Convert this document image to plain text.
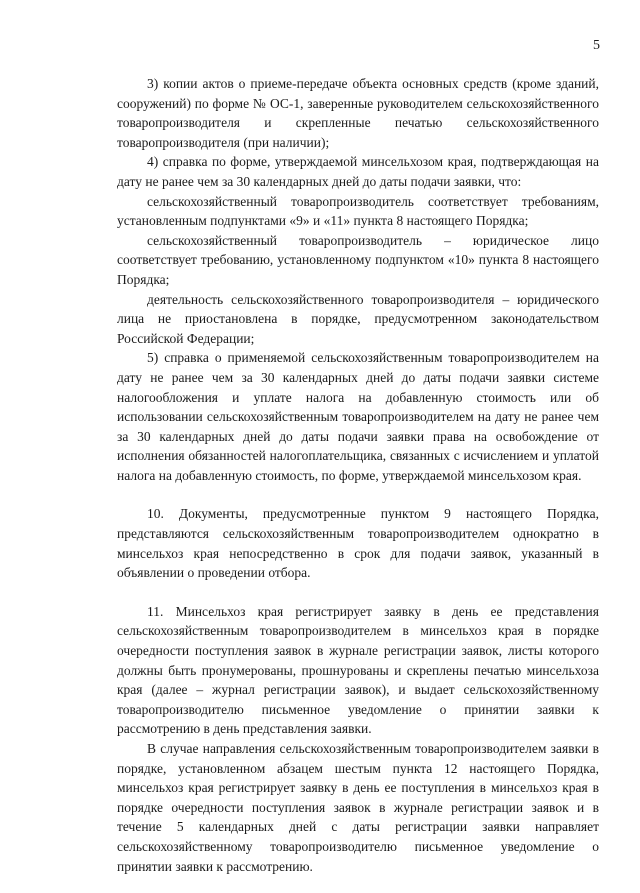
5

3) копии актов о приеме-передаче объекта основных средств (кроме зданий, сооружений) по форме № ОС-1, заверенные руководителем сельскохозяйственного товаропроизводителя и скрепленные печатью сельскохозяйственного товаропроизводителя (при наличии);

4) справка по форме, утверждаемой минсельхозом края, подтверждающая на дату не ранее чем за 30 календарных дней до даты подачи заявки, что:

сельскохозяйственный товаропроизводитель соответствует требованиям, установленным подпунктами «9» и «11» пункта 8 настоящего Порядка;

сельскохозяйственный товаропроизводитель – юридическое лицо соответствует требованию, установленному подпунктом «10» пункта 8 настоящего Порядка;

деятельность сельскохозяйственного товаропроизводителя – юридического лица не приостановлена в порядке, предусмотренном законодательством Российской Федерации;

5) справка о применяемой сельскохозяйственным товаропроизводителем на дату не ранее чем за 30 календарных дней до даты подачи заявки системе налогообложения и уплате налога на добавленную стоимость или об использовании сельскохозяйственным товаропроизводителем на дату не ранее чем за 30 календарных дней до даты подачи заявки права на освобождение от исполнения обязанностей налогоплательщика, связанных с исчислением и уплатой налога на добавленную стоимость, по форме, утверждаемой минсельхозом края.

10. Документы, предусмотренные пунктом 9 настоящего Порядка, представляются сельскохозяйственным товаропроизводителем однократно в минсельхоз края непосредственно в срок для подачи заявок, указанный в объявлении о проведении отбора.

11. Минсельхоз края регистрирует заявку в день ее представления сельскохозяйственным товаропроизводителем в минсельхоз края в порядке очередности поступления заявок в журнале регистрации заявок, листы которого должны быть пронумерованы, прошнурованы и скреплены печатью минсельхоза края (далее – журнал регистрации заявок), и выдает сельскохозяйственному товаропроизводителю письменное уведомление о принятии заявки к рассмотрению в день представления заявки.

В случае направления сельскохозяйственным товаропроизводителем заявки в порядке, установленном абзацем шестым пункта 12 настоящего Порядка, минсельхоз края регистрирует заявку в день ее поступления в минсельхоз края в порядке очередности поступления заявок в журнале регистрации заявок и в течение 5 календарных дней с даты регистрации заявки направляет сельскохозяйственному товаропроизводителю письменное уведомление о принятии заявки к рассмотрению.
